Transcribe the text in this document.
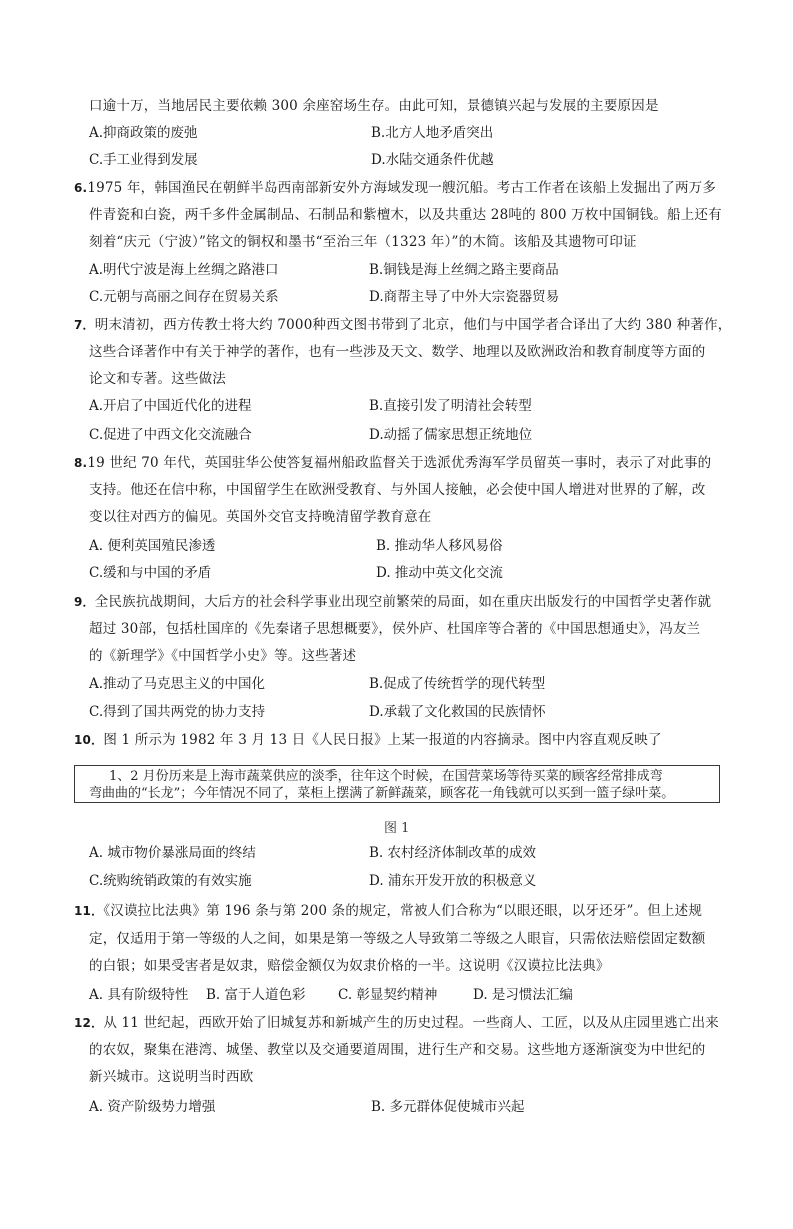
口逾十万，当地居民主要依赖 300 余座窑场生存。由此可知，景德镇兴起与发展的主要原因是
A.抑商政策的废弛	B.北方人地矛盾突出
C.手工业得到发展	D.水陆交通条件优越
6.1975 年，韩国渔民在朝鲜半岛西南部新安外方海域发现一艘沉船。考古工作者在该船上发掘出了两万多
件青瓷和白瓷，两千多件金属制品、石制品和紫檀木，以及共重达 28吨的 800 万枚中国铜钱。船上还有
刻着“庆元（宁波）”铭文的铜权和墨书“至治三年（1323 年）”的木简。该船及其遗物可印证
A.明代宁波是海上丝绸之路港口	B.铜钱是海上丝绸之路主要商品
C.元朝与高丽之间存在贸易关系	D.商帮主导了中外大宗瓷器贸易
7．明末清初，西方传教士将大约 7000种西文图书带到了北京，他们与中国学者合译出了大约 380 种著作，
这些合译著作中有关于神学的著作，也有一些涉及天文、数学、地理以及欧洲政治和教育制度等方面的
论文和专著。这些做法
A.开启了中国近代化的进程	B.直接引发了明清社会转型
C.促进了中西文化交流融合	D.动摇了儒家思想正统地位
8.19 世纪 70 年代，英国驻华公使答复福州船政监督关于选派优秀海军学员留英一事时，表示了对此事的
支持。他还在信中称，中国留学生在欧洲受教育、与外国人接触，必会使中国人增进对世界的了解，改
变以往对西方的偏见。英国外交官支持晚清留学教育意在
A. 便利英国殖民渗透	B. 推动华人移风易俗
C.缓和与中国的矛盾	D. 推动中英文化交流
9．全民族抗战期间，大后方的社会科学事业出现空前繁荣的局面，如在重庆出版发行的中国哲学史著作就
超过 30部，包括杜国庠的《先秦诸子思想概要》，侯外庐、杜国庠等合著的《中国思想通史》，冯友兰
的《新理学》《中国哲学小史》等。这些著述
A.推动了马克思主义的中国化	B.促成了传统哲学的现代转型
C.得到了国共两党的协力支持	D.承载了文化救国的民族情怀
10．图 1 所示为 1982 年 3 月 13 日《人民日报》上某一报道的内容摘录。图中内容直观反映了
1、2 月份历来是上海市蔬菜供应的淡季，往年这个时候，在国营菜场等待买菜的顾客经常排成弯
弯曲曲的“长龙”；今年情况不同了，菜柜上摆满了新鲜蔬菜，顾客花一角钱就可以买到一篮子绿叶菜。
图 1
A. 城市物价暴涨局面的终结	B. 农村经济体制改革的成效
C.统购统销政策的有效实施	D. 浦东开发开放的积极意义
11．《汉谟拉比法典》第 196 条与第 200 条的规定，常被人们合称为“以眼还眼，以牙还牙”。但上述规
定，仅适用于第一等级的人之间，如果是第一等级之人导致第二等级之人眼盲，只需依法赔偿固定数额
的白银；如果受害者是奴隶，赔偿金额仅为奴隶价格的一半。这说明《汉谟拉比法典》
A. 具有阶级特性 B. 富于人道色彩 C. 彰显契约精神	D. 是习惯法汇编
12．从 11 世纪起，西欧开始了旧城复苏和新城产生的历史过程。一些商人、工匠，以及从庄园里逃亡出来
的农奴，聚集在港湾、城堡、教堂以及交通要道周围，进行生产和交易。这些地方逐渐演变为中世纪的
新兴城市。这说明当时西欧
A. 资产阶级势力增强	B. 多元群体促使城市兴起
